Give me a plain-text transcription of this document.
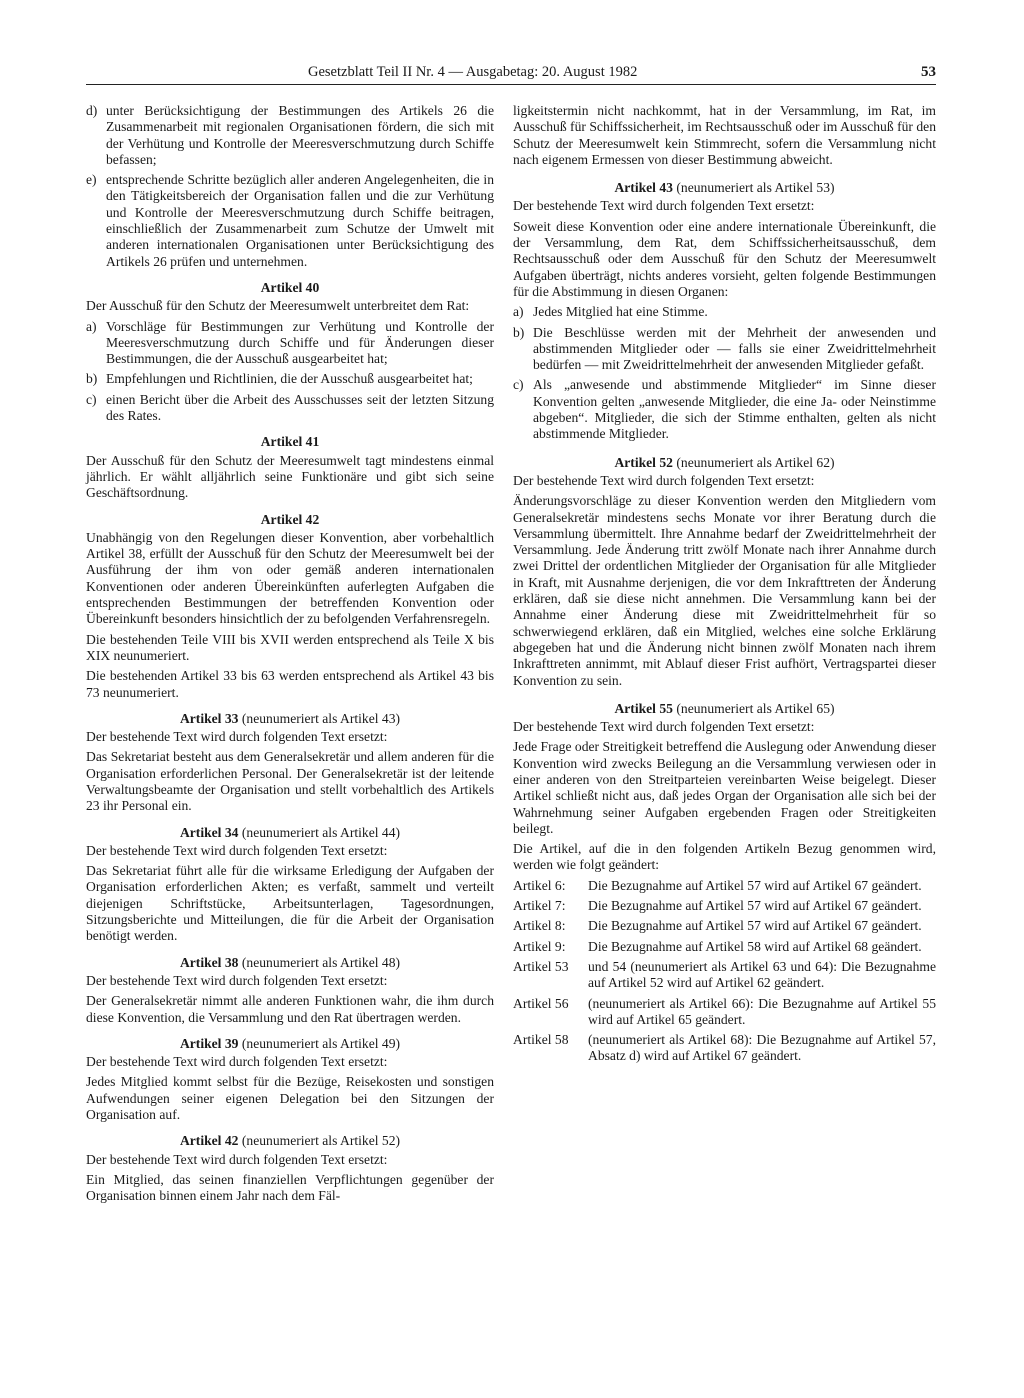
Gesetzblatt Teil II Nr. 4 — Ausgabetag: 20. August 1982	53
d) unter Berücksichtigung der Bestimmungen des Artikels 26 die Zusammenarbeit mit regionalen Organisationen fördern, die sich mit der Verhütung und Kontrolle der Meeresverschmutzung durch Schiffe befassen;
e) entsprechende Schritte bezüglich aller anderen Angelegenheiten, die in den Tätigkeitsbereich der Organisation fallen und die zur Verhütung und Kontrolle der Meeresverschmutzung durch Schiffe beitragen, einschließlich der Zusammenarbeit zum Schutze der Umwelt mit anderen internationalen Organisationen unter Berücksichtigung des Artikels 26 prüfen und unternehmen.
Artikel 40

Der Ausschuß für den Schutz der Meeresumwelt unterbreitet dem Rat:

a) Vorschläge für Bestimmungen zur Verhütung und Kontrolle der Meeresverschmutzung durch Schiffe und für Änderungen dieser Bestimmungen, die der Ausschuß ausgearbeitet hat;
b) Empfehlungen und Richtlinien, die der Ausschuß ausgearbeitet hat;
c) einen Bericht über die Arbeit des Ausschusses seit der letzten Sitzung des Rates.
Artikel 41

Der Ausschuß für den Schutz der Meeresumwelt tagt mindestens einmal jährlich. Er wählt alljährlich seine Funktionäre und gibt sich seine Geschäftsordnung.

Artikel 42

Unabhängig von den Regelungen dieser Konvention, aber vorbehaltlich Artikel 38, erfüllt der Ausschuß für den Schutz der Meeresumwelt bei der Ausführung der ihm von oder gemäß anderen internationalen Konventionen oder anderen Übereinkünften auferlegten Aufgaben die entsprechenden Bestimmungen der betreffenden Konvention oder Übereinkunft besonders hinsichtlich der zu befolgenden Verfahrensregeln.

Die bestehenden Teile VIII bis XVII werden entsprechend als Teile X bis XIX neunumeriert.

Die bestehenden Artikel 33 bis 63 werden entsprechend als Artikel 43 bis 73 neunumeriert.

Artikel 33 (neunumeriert als Artikel 43)

Der bestehende Text wird durch folgenden Text ersetzt:

Das Sekretariat besteht aus dem Generalsekretär und allem anderen für die Organisation erforderlichen Personal. Der Generalsekretär ist der leitende Verwaltungsbeamte der Organisation und stellt vorbehaltlich des Artikels 23 ihr Personal ein.

Artikel 34 (neunumeriert als Artikel 44)

Der bestehende Text wird durch folgenden Text ersetzt:

Das Sekretariat führt alle für die wirksame Erledigung der Aufgaben der Organisation erforderlichen Akten; es verfaßt, sammelt und verteilt diejenigen Schriftstücke, Arbeitsunterlagen, Tagesordnungen, Sitzungsberichte und Mitteilungen, die für die Arbeit der Organisation benötigt werden.

Artikel 38 (neunumeriert als Artikel 48)

Der bestehende Text wird durch folgenden Text ersetzt:

Der Generalsekretär nimmt alle anderen Funktionen wahr, die ihm durch diese Konvention, die Versammlung und den Rat übertragen werden.

Artikel 39 (neunumeriert als Artikel 49)

Der bestehende Text wird durch folgenden Text ersetzt:

Jedes Mitglied kommt selbst für die Bezüge, Reisekosten und sonstigen Aufwendungen seiner eigenen Delegation bei den Sitzungen der Organisation auf.

Artikel 42 (neunumeriert als Artikel 52)

Der bestehende Text wird durch folgenden Text ersetzt:

Ein Mitglied, das seinen finanziellen Verpflichtungen gegenüber der Organisation binnen einem Jahr nach dem Fäl-

ligkeitstermin nicht nachkommt, hat in der Versammlung, im Rat, im Ausschuß für Schiffssicherheit, im Rechtsausschuß oder im Ausschuß für den Schutz der Meeresumwelt kein Stimmrecht, sofern die Versammlung nicht nach eigenem Ermessen von dieser Bestimmung abweicht.

Artikel 43 (neunumeriert als Artikel 53)

Der bestehende Text wird durch folgenden Text ersetzt:

Soweit diese Konvention oder eine andere internationale Übereinkunft, die der Versammlung, dem Rat, dem Schiffssicherheitsausschuß, dem Rechtsausschuß oder dem Ausschuß für den Schutz der Meeresumwelt Aufgaben überträgt, nichts anderes vorsieht, gelten folgende Bestimmungen für die Abstimmung in diesen Organen:

a) Jedes Mitglied hat eine Stimme.
b) Die Beschlüsse werden mit der Mehrheit der anwesenden und abstimmenden Mitglieder oder — falls sie einer Zweidrittelmehrheit bedürfen — mit Zweidrittelmehrheit der anwesenden Mitglieder gefaßt.
c) Als „anwesende und abstimmende Mitglieder“ im Sinne dieser Konvention gelten „anwesende Mitglieder, die eine Ja- oder Neinstimme abgeben“. Mitglieder, die sich der Stimme enthalten, gelten als nicht abstimmende Mitglieder.
Artikel 52 (neunumeriert als Artikel 62)

Der bestehende Text wird durch folgenden Text ersetzt:

Änderungsvorschläge zu dieser Konvention werden den Mitgliedern vom Generalsekretär mindestens sechs Monate vor ihrer Beratung durch die Versammlung übermittelt. Ihre Annahme bedarf der Zweidrittelmehrheit der Versammlung. Jede Änderung tritt zwölf Monate nach ihrer Annahme durch zwei Drittel der ordentlichen Mitglieder der Organisation für alle Mitglieder in Kraft, mit Ausnahme derjenigen, die vor dem Inkrafttreten der Änderung erklären, daß sie diese nicht annehmen. Die Versammlung kann bei der Annahme einer Änderung diese mit Zweidrittelmehrheit für so schwerwiegend erklären, daß ein Mitglied, welches eine solche Erklärung abgegeben hat und die Änderung nicht binnen zwölf Monaten nach ihrem Inkrafttreten annimmt, mit Ablauf dieser Frist aufhört, Vertragspartei dieser Konvention zu sein.

Artikel 55 (neunumeriert als Artikel 65)

Der bestehende Text wird durch folgenden Text ersetzt:

Jede Frage oder Streitigkeit betreffend die Auslegung oder Anwendung dieser Konvention wird zwecks Beilegung an die Versammlung verwiesen oder in einer anderen von den Streitparteien vereinbarten Weise beigelegt. Dieser Artikel schließt nicht aus, daß jedes Organ der Organisation alle sich bei der Wahrnehmung seiner Aufgaben ergebenden Fragen oder Streitigkeiten beilegt.

Die Artikel, auf die in den folgenden Artikeln Bezug genommen wird, werden wie folgt geändert:

Artikel 6:	Die Bezugnahme auf Artikel 57 wird auf Artikel 67 geändert.
Artikel 7:	Die Bezugnahme auf Artikel 57 wird auf Artikel 67 geändert.
Artikel 8:	Die Bezugnahme auf Artikel 57 wird auf Artikel 67 geändert.
Artikel 9:	Die Bezugnahme auf Artikel 58 wird auf Artikel 68 geändert.
Artikel 53	und 54 (neunumeriert als Artikel 63 und 64): Die Bezugnahme auf Artikel 52 wird auf Artikel 62 geändert.
Artikel 56	(neunumeriert als Artikel 66): Die Bezugnahme auf Artikel 55 wird auf Artikel 65 geändert.
Artikel 58	(neunumeriert als Artikel 68): Die Bezugnahme auf Artikel 57, Absatz d) wird auf Artikel 67 geändert.
